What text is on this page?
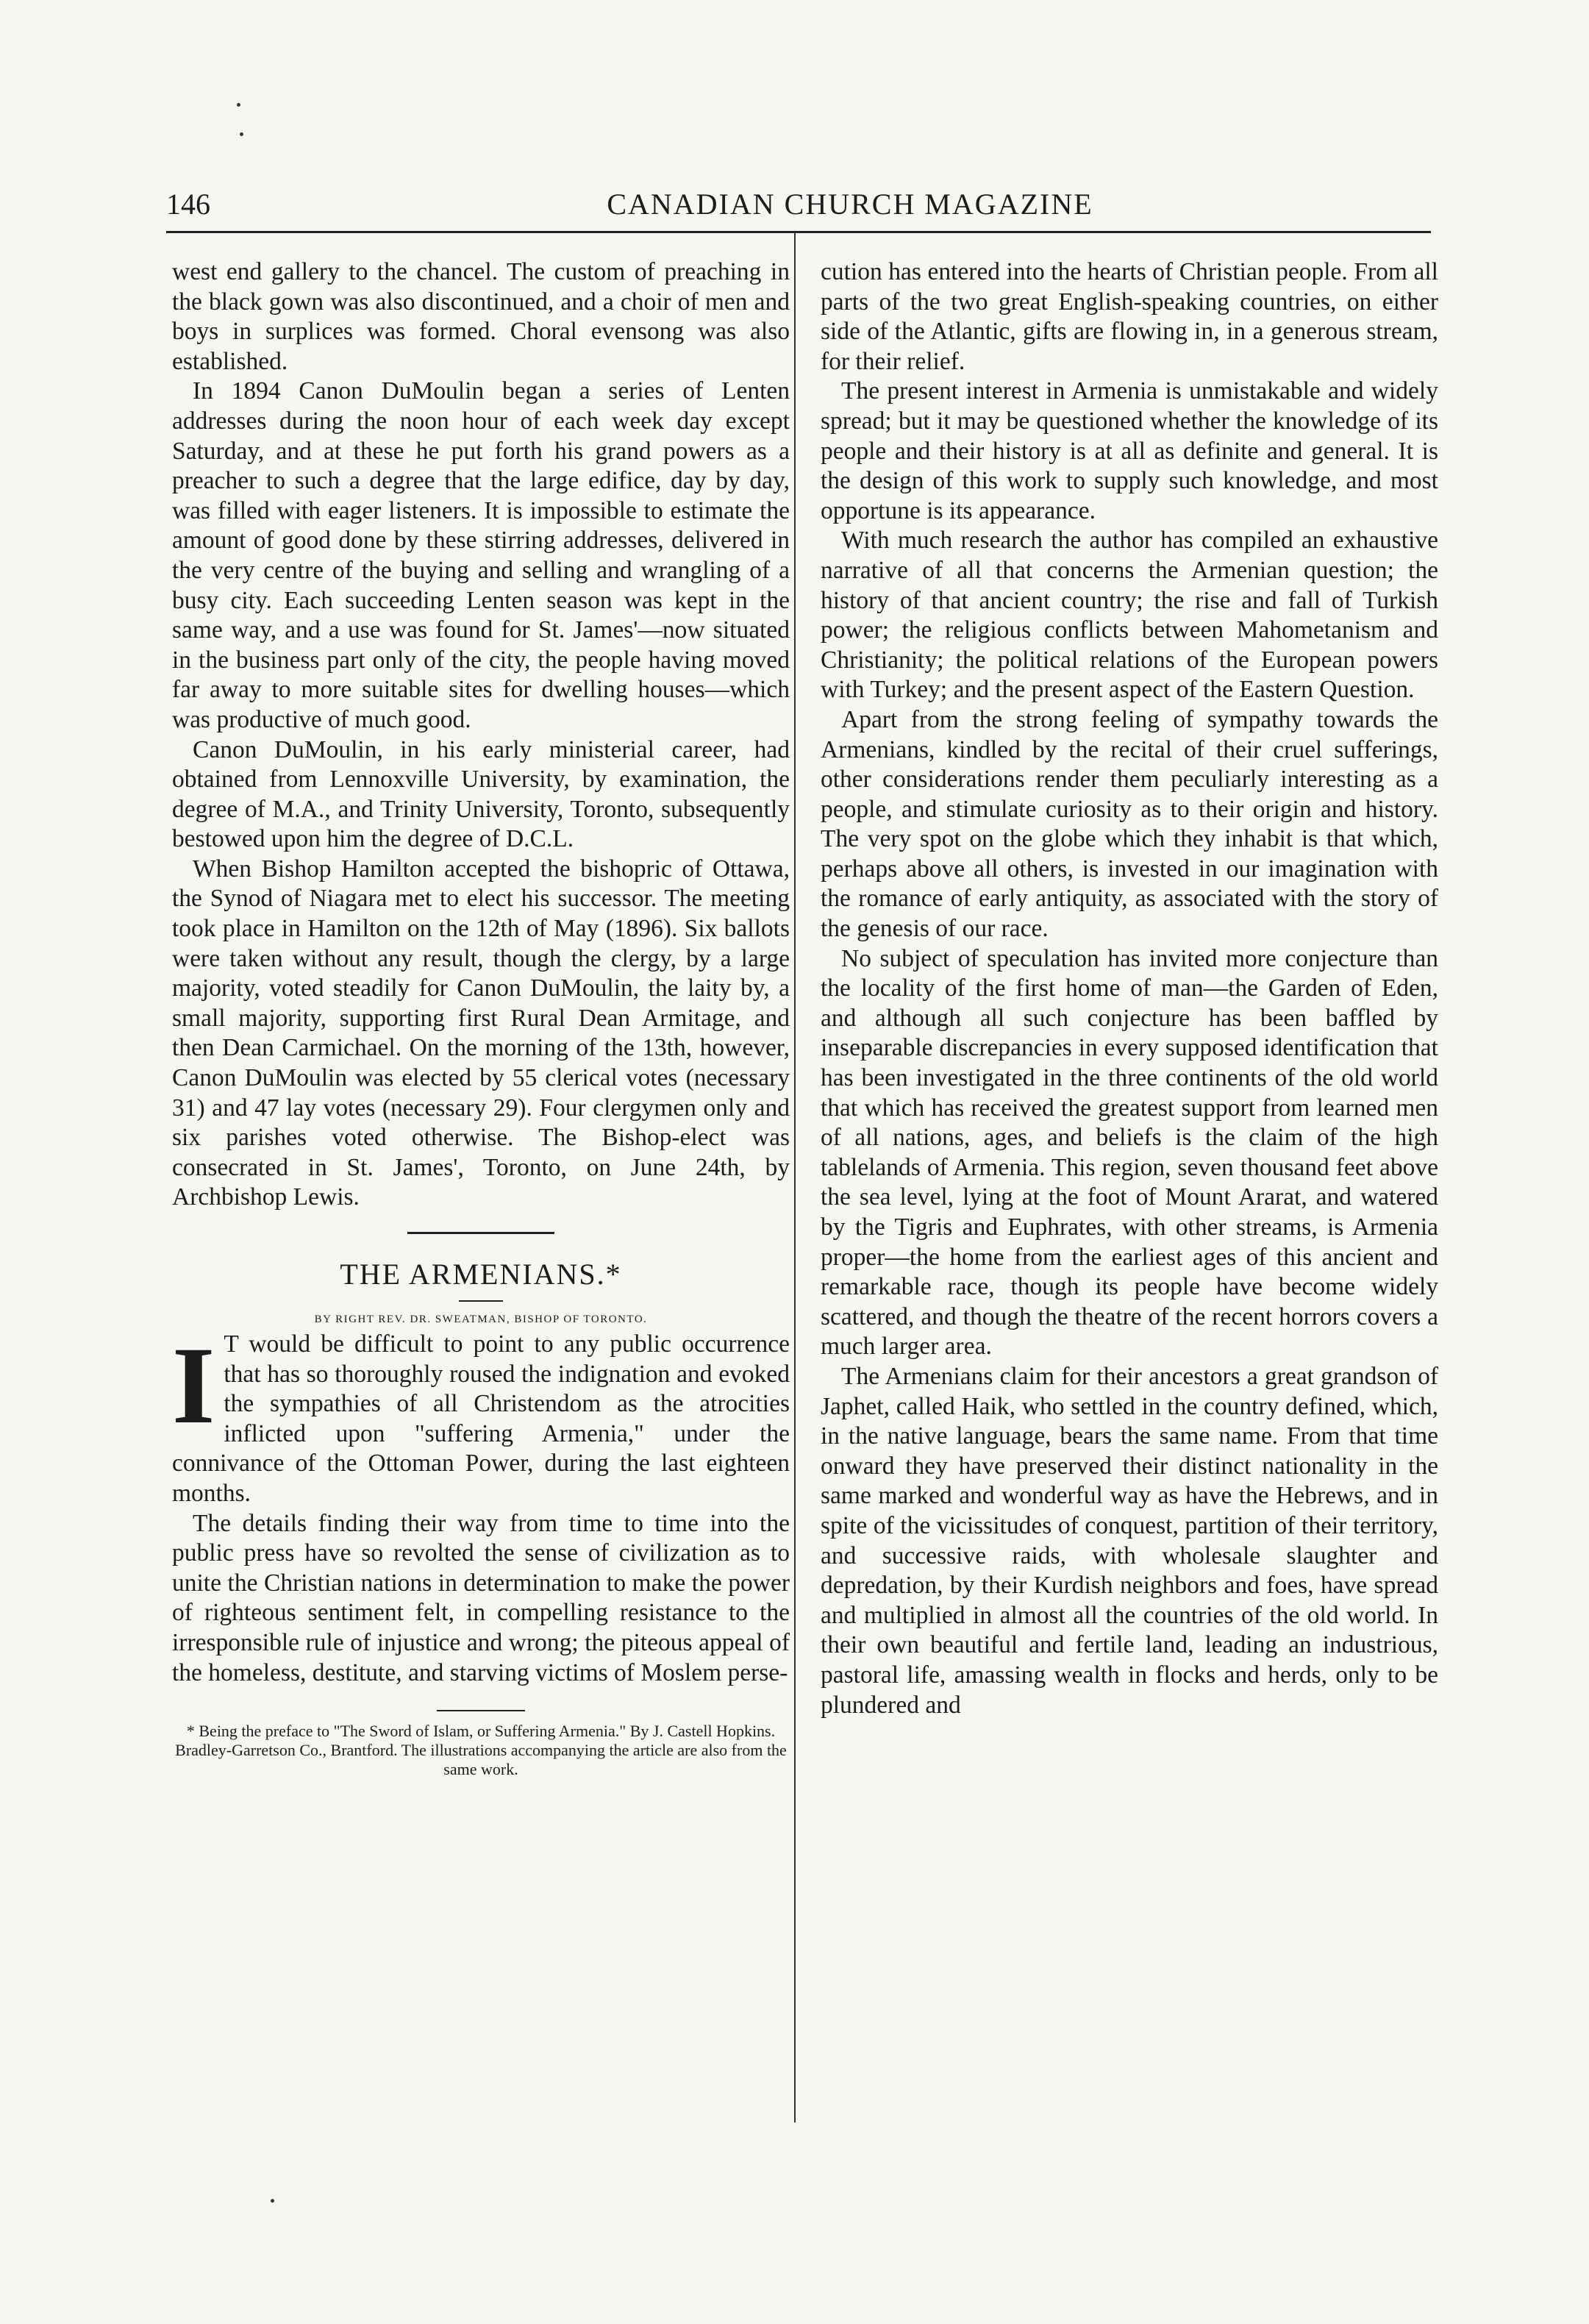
146	CANADIAN CHURCH MAGAZINE

west end gallery to the chancel. The custom of preaching in the black gown was also discontinued, and a choir of men and boys in surplices was formed. Choral evensong was also established.

In 1894 Canon DuMoulin began a series of Lenten addresses during the noon hour of each week day except Saturday, and at these he put forth his grand powers as a preacher to such a degree that the large edifice, day by day, was filled with eager listeners. It is impossible to estimate the amount of good done by these stirring addresses, delivered in the very centre of the buying and selling and wrangling of a busy city. Each succeeding Lenten season was kept in the same way, and a use was found for St. James'—now situated in the business part only of the city, the people having moved far away to more suitable sites for dwelling houses—which was productive of much good.

Canon DuMoulin, in his early ministerial career, had obtained from Lennoxville University, by examination, the degree of M.A., and Trinity University, Toronto, subsequently bestowed upon him the degree of D.C.L.

When Bishop Hamilton accepted the bishopric of Ottawa, the Synod of Niagara met to elect his successor. The meeting took place in Hamilton on the 12th of May (1896). Six ballots were taken without any result, though the clergy, by a large majority, voted steadily for Canon DuMoulin, the laity by, a small majority, supporting first Rural Dean Armitage, and then Dean Carmichael. On the morning of the 13th, however, Canon DuMoulin was elected by 55 clerical votes (necessary 31) and 47 lay votes (necessary 29). Four clergymen only and six parishes voted otherwise. The Bishop-elect was consecrated in St. James', Toronto, on June 24th, by Archbishop Lewis.

THE ARMENIANS.*

BY RIGHT REV. DR. SWEATMAN, BISHOP OF TORONTO.

I T would be difficult to point to any public occurrence that has so thoroughly roused the indignation and evoked the sympathies of all Christendom as the atrocities inflicted upon "suffering Armenia," under the connivance of the Ottoman Power, during the last eighteen months.

The details finding their way from time to time into the public press have so revolted the sense of civilization as to unite the Christian nations in determination to make the power of righteous sentiment felt, in compelling resistance to the irresponsible rule of injustice and wrong; the piteous appeal of the homeless, destitute, and starving victims of Moslem perse-

* Being the preface to "The Sword of Islam, or Suffering Armenia." By J. Castell Hopkins. Bradley-Garretson Co., Brantford. The illustrations accompanying the article are also from the same work.

cution has entered into the hearts of Christian people. From all parts of the two great English-speaking countries, on either side of the Atlantic, gifts are flowing in, in a generous stream, for their relief.

The present interest in Armenia is unmistakable and widely spread; but it may be questioned whether the knowledge of its people and their history is at all as definite and general. It is the design of this work to supply such knowledge, and most opportune is its appearance.

With much research the author has compiled an exhaustive narrative of all that concerns the Armenian question; the history of that ancient country; the rise and fall of Turkish power; the religious conflicts between Mahometanism and Christianity; the political relations of the European powers with Turkey; and the present aspect of the Eastern Question.

Apart from the strong feeling of sympathy towards the Armenians, kindled by the recital of their cruel sufferings, other considerations render them peculiarly interesting as a people, and stimulate curiosity as to their origin and history. The very spot on the globe which they inhabit is that which, perhaps above all others, is invested in our imagination with the romance of early antiquity, as associated with the story of the genesis of our race.

No subject of speculation has invited more conjecture than the locality of the first home of man—the Garden of Eden, and although all such conjecture has been baffled by inseparable discrepancies in every supposed identification that has been investigated in the three continents of the old world that which has received the greatest support from learned men of all nations, ages, and beliefs is the claim of the high tablelands of Armenia. This region, seven thousand feet above the sea level, lying at the foot of Mount Ararat, and watered by the Tigris and Euphrates, with other streams, is Armenia proper—the home from the earliest ages of this ancient and remarkable race, though its people have become widely scattered, and though the theatre of the recent horrors covers a much larger area.

The Armenians claim for their ancestors a great grandson of Japhet, called Haik, who settled in the country defined, which, in the native language, bears the same name. From that time onward they have preserved their distinct nationality in the same marked and wonderful way as have the Hebrews, and in spite of the vicissitudes of conquest, partition of their territory, and successive raids, with wholesale slaughter and depredation, by their Kurdish neighbors and foes, have spread and multiplied in almost all the countries of the old world. In their own beautiful and fertile land, leading an industrious, pastoral life, amassing wealth in flocks and herds, only to be plundered and
